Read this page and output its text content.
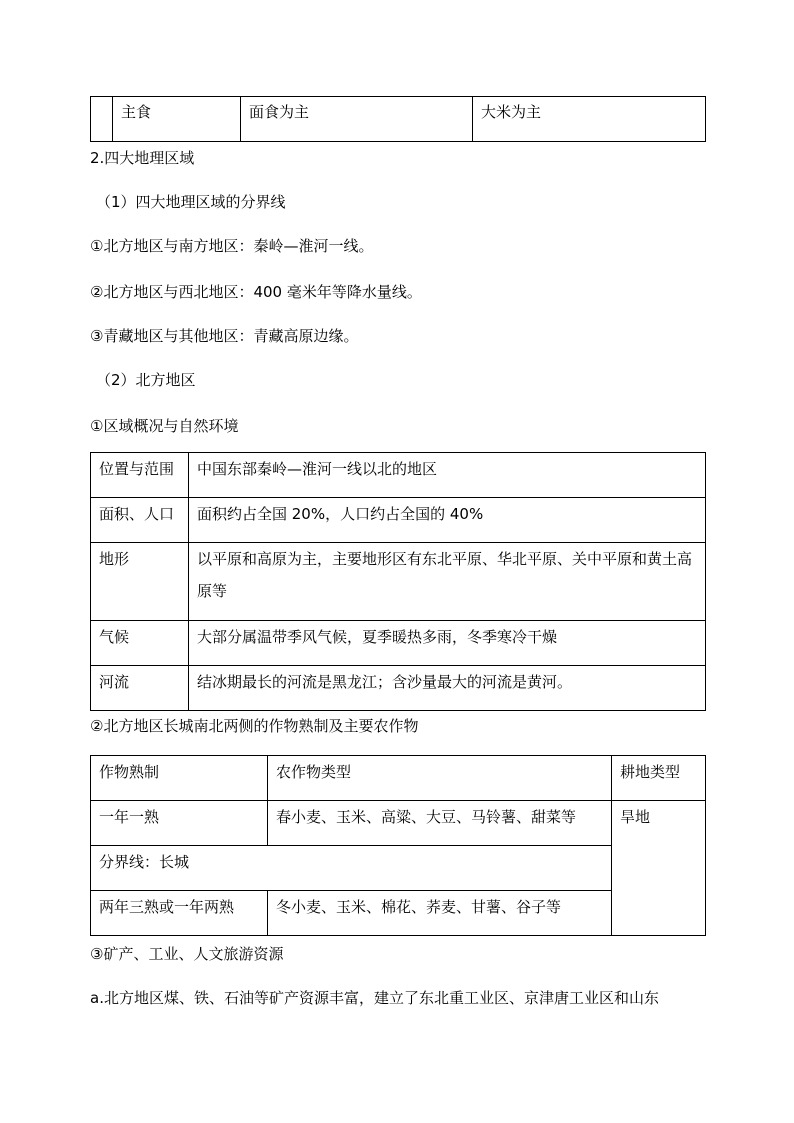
	主食	面食为主	大米为主
2.四大地理区域
（1）四大地理区域的分界线
①北方地区与南方地区：秦岭—淮河一线。
②北方地区与西北地区：400 毫米年等降水量线。
③青藏地区与其他地区：青藏高原边缘。
（2）北方地区
①区域概况与自然环境
位置与范围	中国东部秦岭—淮河一线以北的地区
面积、人口	面积约占全国 20%，人口约占全国的 40%
地形	以平原和高原为主，主要地形区有东北平原、华北平原、关中平原和黄土高原等
气候	大部分属温带季风气候，夏季暖热多雨，冬季寒冷干燥
河流	结冰期最长的河流是黑龙江；含沙量最大的河流是黄河。
②北方地区长城南北两侧的作物熟制及主要农作物
作物熟制	农作物类型	耕地类型
一年一熟	春小麦、玉米、高粱、大豆、马铃薯、甜菜等	旱地
分界线：长城		
两年三熟或一年两熟	冬小麦、玉米、棉花、荞麦、甘薯、谷子等	
③矿产、工业、人文旅游资源
a.北方地区煤、铁、石油等矿产资源丰富，建立了东北重工业区、京津唐工业区和山东
